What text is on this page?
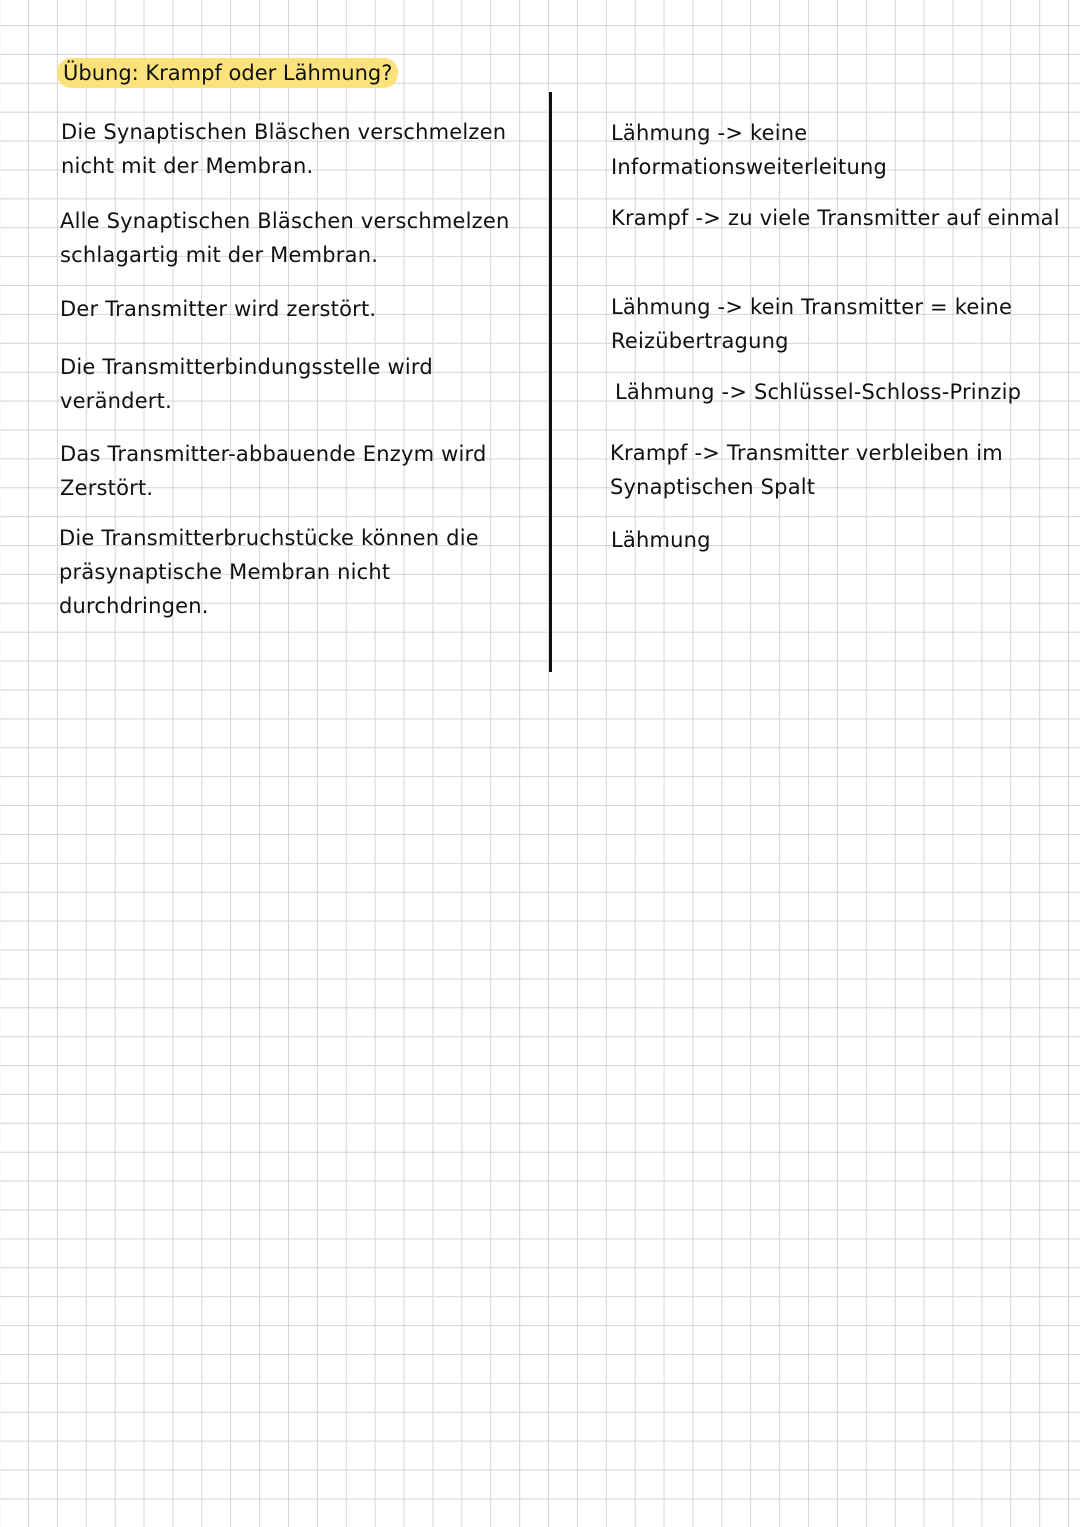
Übung: Krampf oder Lähmung?
Die Synaptischen Bläschen verschmelzen
nicht mit der Membran.
Lähmung -> keine
Informationsweiterleitung
Alle Synaptischen Bläschen verschmelzen
schlagartig mit der Membran.
Krampf -> zu viele Transmitter auf einmal
Der Transmitter wird zerstört.	Lähmung -> kein Transmitter = keine
Reizübertragung
Die Transmitterbindungsstelle wird
verändert.	Lähmung -> Schlüssel-Schloss-Prinzip
Das Transmitter-abbauende Enzym wird
Zerstört.
Krampf -> Transmitter verbleiben im
Synaptischen Spalt
Die Transmitterbruchstücke können die
präsynaptische Membran nicht
durchdringen.
Lähmung
